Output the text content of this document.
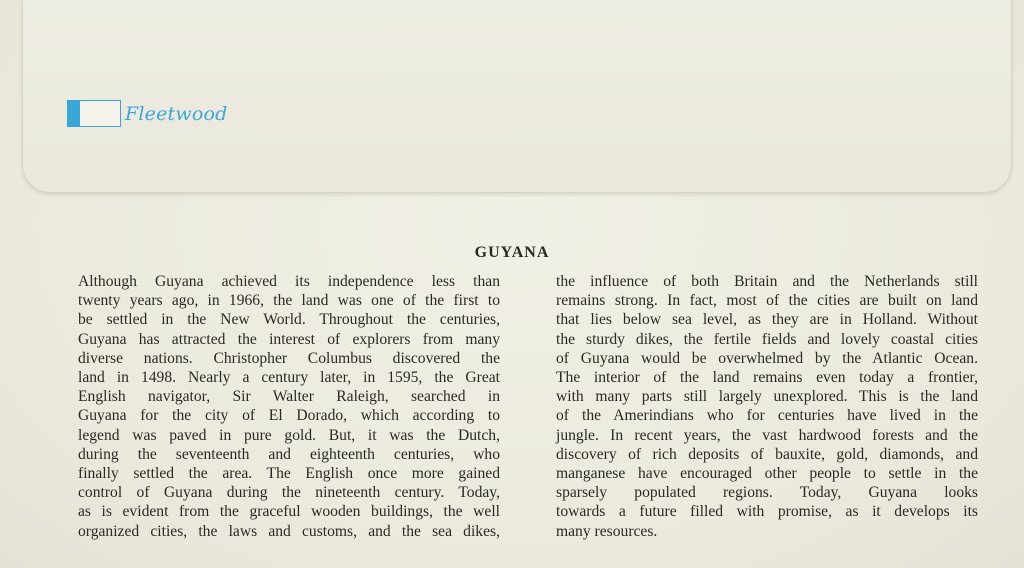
Fleetwood
GUYANA
Although Guyana achieved its independence less than
twenty years ago, in 1966, the land was one of the first to
be settled in the New World. Throughout the centuries,
Guyana has attracted the interest of explorers from many
diverse nations. Christopher Columbus discovered the
land in 1498. Nearly a century later, in 1595, the Great
English navigator, Sir Walter Raleigh, searched in
Guyana for the city of El Dorado, which according to
legend was paved in pure gold. But, it was the Dutch,
during the seventeenth and eighteenth centuries, who
finally settled the area. The English once more gained
control of Guyana during the nineteenth century. Today,
as is evident from the graceful wooden buildings, the well
organized cities, the laws and customs, and the sea dikes,
the influence of both Britain and the Netherlands still
remains strong. In fact, most of the cities are built on land
that lies below sea level, as they are in Holland. Without
the sturdy dikes, the fertile fields and lovely coastal cities
of Guyana would be overwhelmed by the Atlantic Ocean.
The interior of the land remains even today a frontier,
with many parts still largely unexplored. This is the land
of the Amerindians who for centuries have lived in the
jungle. In recent years, the vast hardwood forests and the
discovery of rich deposits of bauxite, gold, diamonds, and
manganese have encouraged other people to settle in the
sparsely populated regions. Today, Guyana looks
towards a future filled with promise, as it develops its
many resources.
